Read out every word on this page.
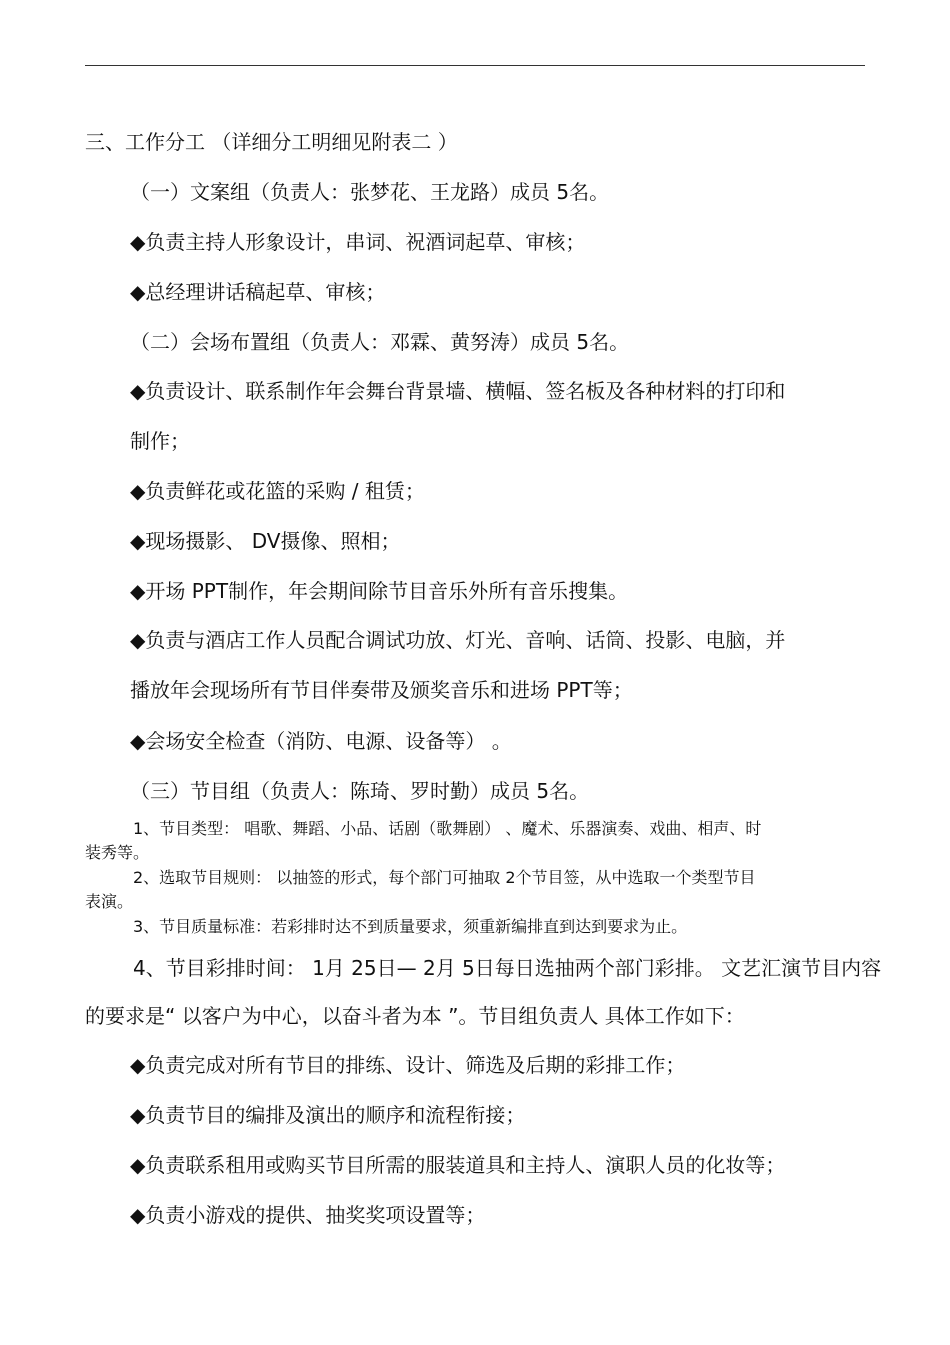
三、工作分工 （详细分工明细见附表二 ）
（一）文案组（负责人：张梦花、王龙路）成员 5名。
◆负责主持人形象设计，串词、祝酒词起草、审核；
◆总经理讲话稿起草、审核；
（二）会场布置组（负责人：邓霖、黄努涛）成员 5名。
◆负责设计、联系制作年会舞台背景墙、横幅、签名板及各种材料的打印和
制作；
◆负责鲜花或花篮的采购 / 租赁；
◆现场摄影、 DV摄像、照相；
◆开场 PPT制作，年会期间除节目音乐外所有音乐搜集。
◆负责与酒店工作人员配合调试功放、灯光、音响、话筒、投影、电脑，并
播放年会现场所有节目伴奏带及颁奖音乐和进场 PPT等；
◆会场安全检查（消防、电源、设备等） 。
（三）节目组（负责人：陈琦、罗时勤）成员 5名。
1、节目类型： 唱歌、舞蹈、小品、话剧（歌舞剧） 、魔术、乐器演奏、戏曲、相声、时
装秀等。
2、选取节目规则： 以抽签的形式，每个部门可抽取 2个节目签，从中选取一个类型节目
表演。
3、节目质量标准：若彩排时达不到质量要求，须重新编排直到达到要求为止。
4、节目彩排时间： 1月 25日— 2月 5日每日选抽两个部门彩排。 文艺汇演节目内容
的要求是“ 以客户为中心，以奋斗者为本 ”。节目组负责人 具体工作如下：
◆负责完成对所有节目的排练、设计、筛选及后期的彩排工作；
◆负责节目的编排及演出的顺序和流程衔接；
◆负责联系租用或购买节目所需的服装道具和主持人、演职人员的化妆等；
◆负责小游戏的提供、抽奖奖项设置等；
